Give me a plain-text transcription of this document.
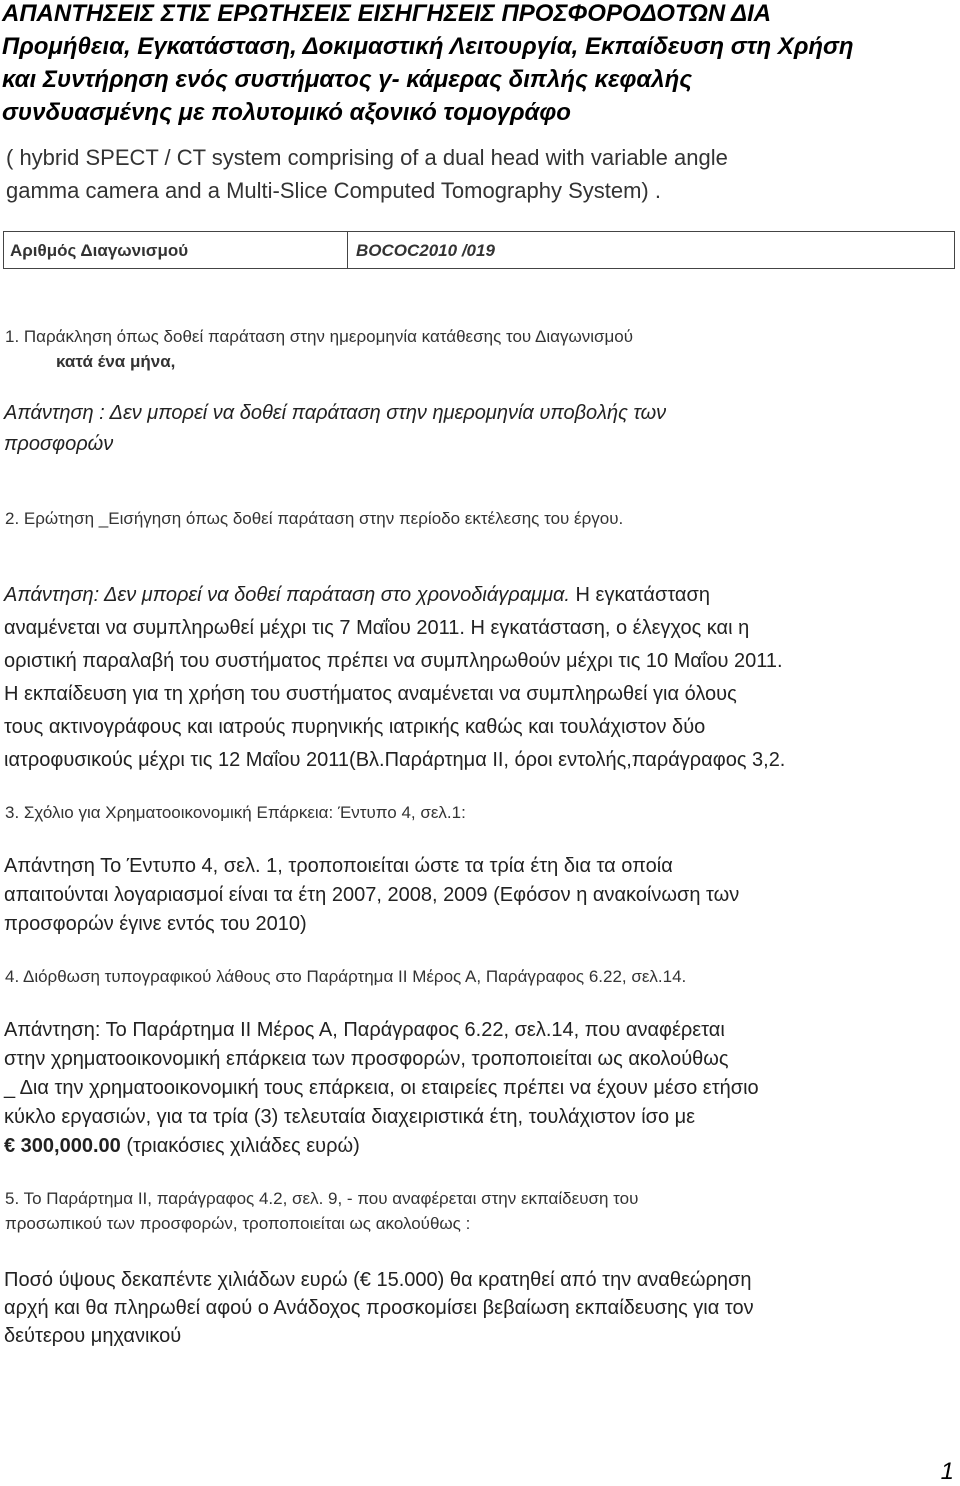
ΑΠΑΝΤΗΣΕΙΣ ΣΤΙΣ ΕΡΩΤΗΣΕΙΣ ΕΙΣΗΓΗΣΕΙΣ ΠΡΟΣΦΟΡΟΔΟΤΩΝ ΔΙΑ
Προμήθεια, Εγκατάσταση, Δοκιμαστική Λειτουργία, Εκπαίδευση στη Χρήση
και Συντήρηση ενός συστήματος γ- κάμερας διπλής κεφαλής
συνδυασμένης με πολυτομικό αξονικό τομογράφο
( hybrid SPECT / CT system comprising of a dual head with variable angle
gamma camera and a Multi-Slice Computed Tomography System) .
Αριθμός Διαγωνισμού	ΒΟCOC2010 /019
1. Παράκληση όπως δοθεί παράταση στην ημερομηνία κατάθεσης του Διαγωνισμού
κατά ένα μήνα,
Απάντηση : Δεν μπορεί να δοθεί παράταση στην ημερομηνία υποβολής των
προσφορών
2. Ερώτηση _Εισήγηση όπως δοθεί παράταση στην περίοδο εκτέλεσης του έργου.
Απάντηση: Δεν μπορεί να δοθεί παράταση στο χρονοδιάγραμμα. Η εγκατάσταση
αναμένεται να συμπληρωθεί μέχρι τις 7 Μαΐου 2011. Η εγκατάσταση, ο έλεγχος και η
οριστική παραλαβή του συστήματος πρέπει να συμπληρωθούν μέχρι τις 10 Μαΐου 2011.
Η εκπαίδευση για τη χρήση του συστήματος αναμένεται να συμπληρωθεί για όλους
τους ακτινογράφους και ιατρούς πυρηνικής ιατρικής καθώς και τουλάχιστον δύο
ιατροφυσικούς μέχρι τις 12 Μαΐου 2011(Βλ.Παράρτημα ΙΙ, όροι εντολής,παράγραφος 3,2.
3. Σχόλιο για Χρηματοοικονομική Επάρκεια: Έντυπο 4, σελ.1:
Απάντηση Το Έντυπο 4, σελ. 1, τροποποιείται ώστε τα τρία έτη δια τα οποία
απαιτούνται λογαριασμοί είναι τα έτη 2007, 2008, 2009 (Εφόσον η ανακοίνωση των
προσφορών έγινε εντός του 2010)
4. Διόρθωση τυπογραφικού λάθους στο Παράρτημα ΙΙ Μέρος Α, Παράγραφος 6.22, σελ.14.
Απάντηση: Το Παράρτημα ΙΙ Μέρος Α, Παράγραφος 6.22, σελ.14, που αναφέρεται
στην χρηματοοικονομική επάρκεια των προσφορών, τροποποιείται ως ακολούθως
_ Δια την χρηματοοικονομική τους επάρκεια, οι εταιρείες πρέπει να έχουν μέσο ετήσιο
κύκλο εργασιών, για τα τρία (3) τελευταία διαχειριστικά έτη, τουλάχιστον ίσο με
€ 300,000.00 (τριακόσιες χιλιάδες ευρώ)
5. Το Παράρτημα ΙΙ, παράγραφος 4.2, σελ. 9, - που αναφέρεται στην εκπαίδευση του
προσωπικού των προσφορών, τροποποιείται ως ακολούθως :
Ποσό ύψους δεκαπέντε χιλιάδων ευρώ (€ 15.000) θα κρατηθεί από την αναθεώρηση
αρχή και θα πληρωθεί αφού ο Ανάδοχος προσκομίσει βεβαίωση εκπαίδευσης για τον
δεύτερου μηχανικού
1
